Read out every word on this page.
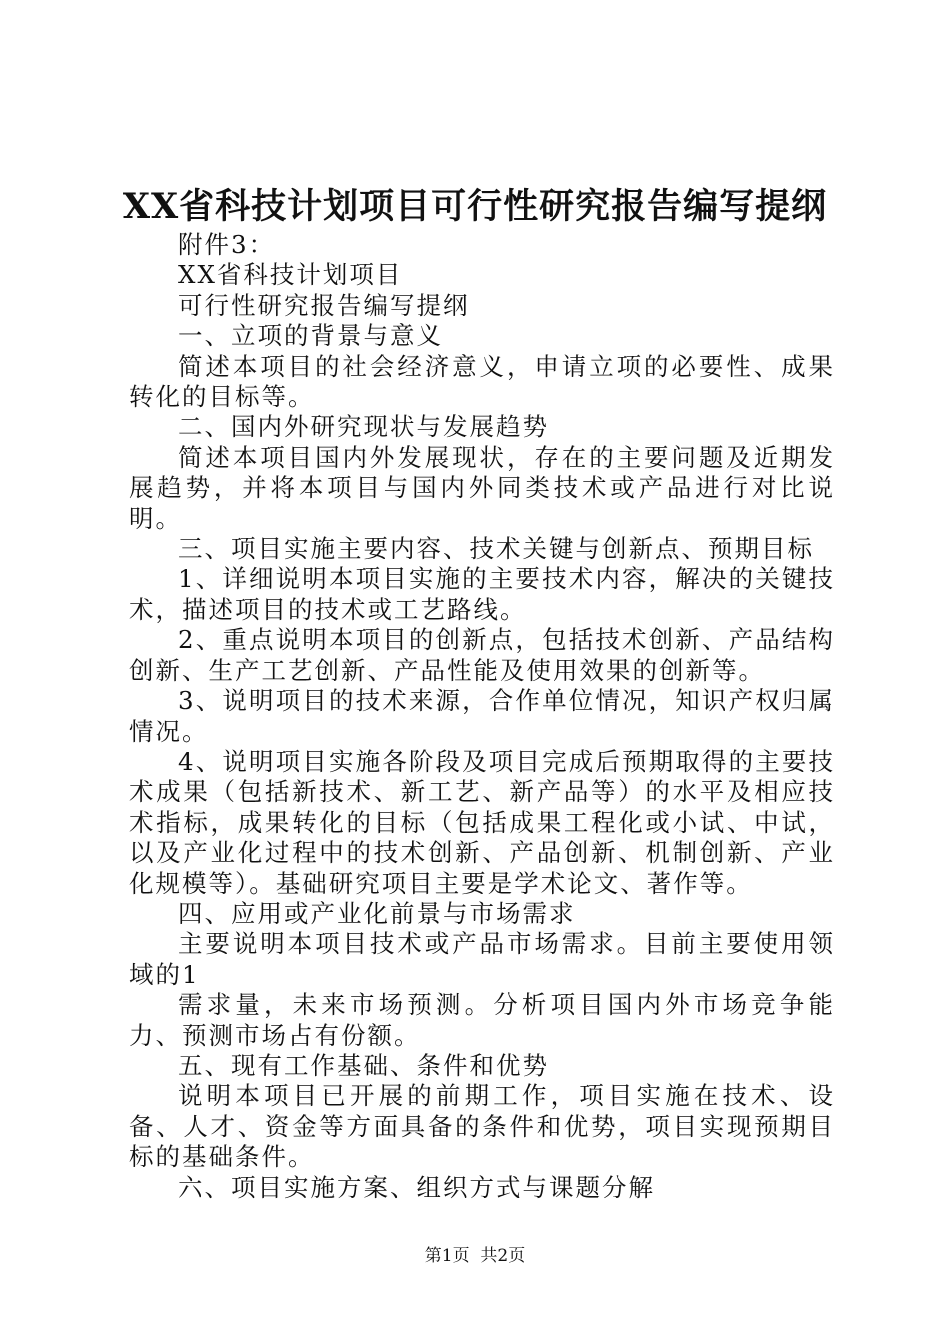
XX省科技计划项目可行性研究报告编写提纲

附件3：

XX省科技计划项目

可行性研究报告编写提纲

一、立项的背景与意义

简述本项目的社会经济意义，申请立项的必要性、成果转化的目标等。

二、国内外研究现状与发展趋势

简述本项目国内外发展现状，存在的主要问题及近期发展趋势，并将本项目与国内外同类技术或产品进行对比说明。

三、项目实施主要内容、技术关键与创新点、预期目标

1、详细说明本项目实施的主要技术内容，解决的关键技术，描述项目的技术或工艺路线。

2、重点说明本项目的创新点，包括技术创新、产品结构创新、生产工艺创新、产品性能及使用效果的创新等。

3、说明项目的技术来源，合作单位情况，知识产权归属情况。

4、说明项目实施各阶段及项目完成后预期取得的主要技术成果（包括新技术、新工艺、新产品等）的水平及相应技术指标，成果转化的目标（包括成果工程化或小试、中试，以及产业化过程中的技术创新、产品创新、机制创新、产业化规模等）。基础研究项目主要是学术论文、著作等。

四、应用或产业化前景与市场需求

主要说明本项目技术或产品市场需求。目前主要使用领域的1

需求量，未来市场预测。分析项目国内外市场竞争能力、预测市场占有份额。

五、现有工作基础、条件和优势

说明本项目已开展的前期工作，项目实施在技术、设备、人才、资金等方面具备的条件和优势，项目实现预期目标的基础条件。

六、项目实施方案、组织方式与课题分解

第1页 共2页
